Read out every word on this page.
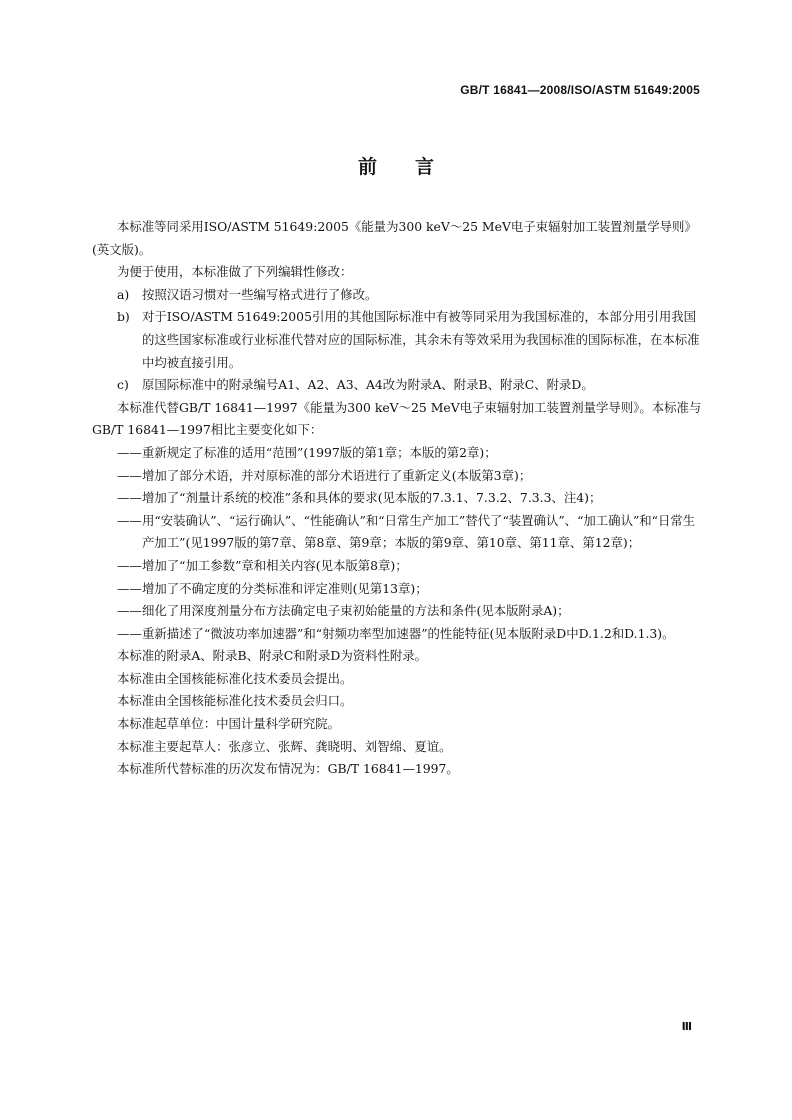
GB/T 16841—2008/ISO/ASTM 51649:2005
前言

本标准等同采用ISO/ASTM 51649:2005《能量为300 keV～25 MeV电子束辐射加工装置剂量学导则》(英文版)。

为便于使用，本标准做了下列编辑性修改：

a)	按照汉语习惯对一些编写格式进行了修改。
b) 对于ISO/ASTM 51649:2005引用的其他国际标准中有被等同采用为我国标准的，本部分用引用我国的这些国家标准或行业标准代替对应的国际标准，其余未有等效采用为我国标准的国际标准，在本标准中均被直接引用。
c)	原国际标准中的附录编号A1、A2、A3、A4改为附录A、附录B、附录C、附录D。

本标准代替GB/T 16841—1997《能量为300 keV～25 MeV电子束辐射加工装置剂量学导则》。本标准与GB/T 16841—1997相比主要变化如下：

—— 重新规定了标准的适用“范围”(1997版的第1章；本版的第2章)；
—— 增加了部分术语，并对原标准的部分术语进行了重新定义(本版第3章)；
—— 增加了“剂量计系统的校准”条和具体的要求(见本版的7.3.1、7.3.2、7.3.3、注4)；
—— 用“安装确认”、“运行确认”、“性能确认”和“日常生产加工”替代了“装置确认”、“加工确认”和“日常生产加工”(见1997版的第7章、第8章、第9章；本版的第9章、第10章、第11章、第12章)；
—— 增加了“加工参数”章和相关内容(见本版第8章)；
—— 增加了不确定度的分类标准和评定准则(见第13章)；
—— 细化了用深度剂量分布方法确定电子束初始能量的方法和条件(见本版附录A)；
—— 重新描述了“微波功率加速器”和“射频功率型加速器”的性能特征(见本版附录D中D.1.2和D.1.3)。

本标准的附录A、附录B、附录C和附录D为资料性附录。

本标准由全国核能标准化技术委员会提出。

本标准由全国核能标准化技术委员会归口。

本标准起草单位：中国计量科学研究院。

本标准主要起草人：张彦立、张辉、龚晓明、刘智绵、夏谊。

本标准所代替标准的历次发布情况为：GB/T 16841—1997。

Ⅲ
